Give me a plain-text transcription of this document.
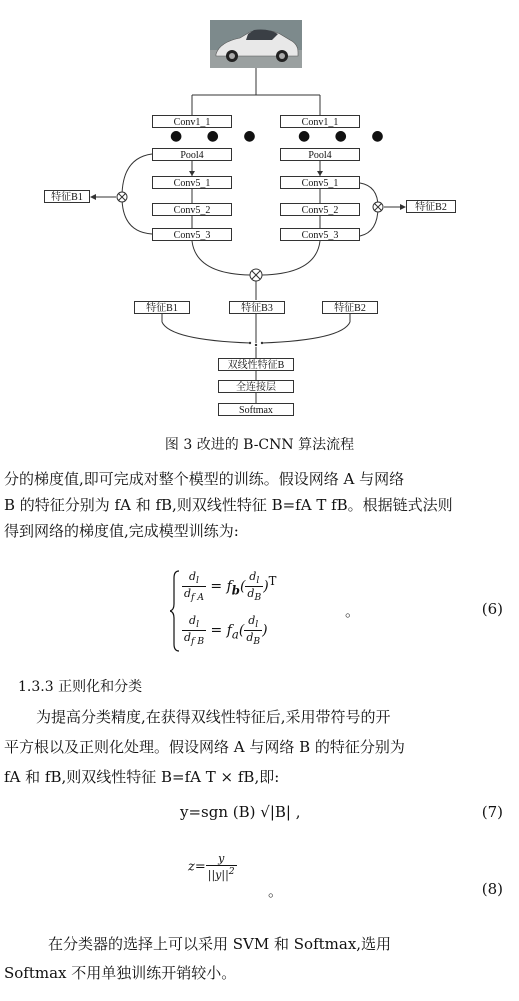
Conv1_1
● ● ●
Pool4
Conv5_1
Conv5_2
Conv5_3
Conv1_1
● ● ●
Pool4
Conv5_1
Conv5_2
Conv5_3
特征B1
特征B2
特征B1	特征B3	特征B2
双线性特征B
全连接层
Softmax
图 3 改进的 B-CNN 算法流程
分的梯度值,即可完成对整个模型的训练。假设网络 A 与网络
B 的特征分别为 fA 和 fB,则双线性特征 B=fA T fB。根据链式法则
得到网络的梯度值,完成模型训练为:
$\frac{d_l}{d_{f A}} = f_b( \frac{d_l}{d_B} )^T$
$\frac{d_l}{d_{f B}} = f_a( \frac{d_l}{d_B}$ )
。	(6)
1.3.3 正则化和分类
为提高分类精度,在获得双线性特征后,采用带符号的开
平方根以及正则化处理。假设网络 A 与网络 B 的特征分别为
fA 和 fB,则双线性特征 B=fA T × fB,即:
y=sgn (B) √|B| ,	(7)
$z= \frac{y}{||y||^2}$
。	(8)
在分类器的选择上可以采用 SVM 和 Softmax,选用
Softmax 不用单独训练开销较小。
